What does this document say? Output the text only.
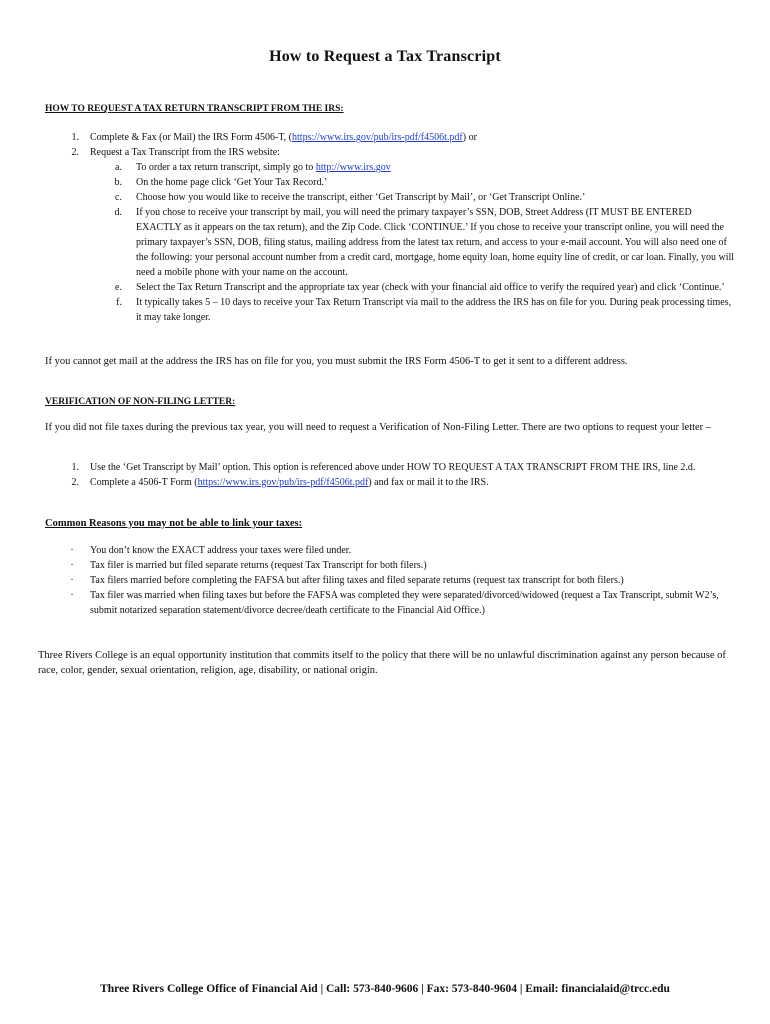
How to Request a Tax Transcript
HOW TO REQUEST A TAX RETURN TRANSCRIPT FROM THE IRS:
1. Complete & Fax (or Mail) the IRS Form 4506-T, (https://www.irs.gov/pub/irs-pdf/f4506t.pdf) or
2. Request a Tax Transcript from the IRS website:
a. To order a tax return transcript, simply go to http://www.irs.gov
b. On the home page click ‘Get Your Tax Record.’
c. Choose how you would like to receive the transcript, either ‘Get Transcript by Mail’, or ‘Get Transcript Online.’
d. If you chose to receive your transcript by mail, you will need the primary taxpayer’s SSN, DOB, Street Address (IT MUST BE ENTERED EXACTLY as it appears on the tax return), and the Zip Code. Click ‘CONTINUE.’ If you chose to receive your transcript online, you will need the primary taxpayer’s SSN, DOB, filing status, mailing address from the latest tax return, and access to your e-mail account. You will also need one of the following: your personal account number from a credit card, mortgage, home equity loan, home equity line of credit, or car loan. Finally, you will need a mobile phone with your name on the account.
e. Select the Tax Return Transcript and the appropriate tax year (check with your financial aid office to verify the required year) and click ‘Continue.’
f. It typically takes 5 – 10 days to receive your Tax Return Transcript via mail to the address the IRS has on file for you. During peak processing times, it may take longer.
If you cannot get mail at the address the IRS has on file for you, you must submit the IRS Form 4506-T to get it sent to a different address.
VERIFICATION OF NON-FILING LETTER:
If you did not file taxes during the previous tax year, you will need to request a Verification of Non-Filing Letter. There are two options to request your letter –
1. Use the ‘Get Transcript by Mail’ option. This option is referenced above under HOW TO REQUEST A TAX TRANSCRIPT FROM THE IRS, line 2.d.
2. Complete a 4506-T Form (https://www.irs.gov/pub/irs-pdf/f4506t.pdf) and fax or mail it to the IRS.
Common Reasons you may not be able to link your taxes:
·	You don’t know the EXACT address your taxes were filed under.
·	Tax filer is married but filed separate returns (request Tax Transcript for both filers.)
·	Tax filers married before completing the FAFSA but after filing taxes and filed separate returns (request tax transcript for both filers.)
·	Tax filer was married when filing taxes but before the FAFSA was completed they were separated/divorced/widowed (request a Tax Transcript, submit W2’s, submit notarized separation statement/divorce decree/death certificate to the Financial Aid Office.)
Three Rivers College is an equal opportunity institution that commits itself to the policy that there will be no unlawful discrimination against any person because of race, color, gender, sexual orientation, religion, age, disability, or national origin.
Three Rivers College Office of Financial Aid | Call: 573-840-9606 | Fax: 573-840-9604 | Email: financialaid@trcc.edu
